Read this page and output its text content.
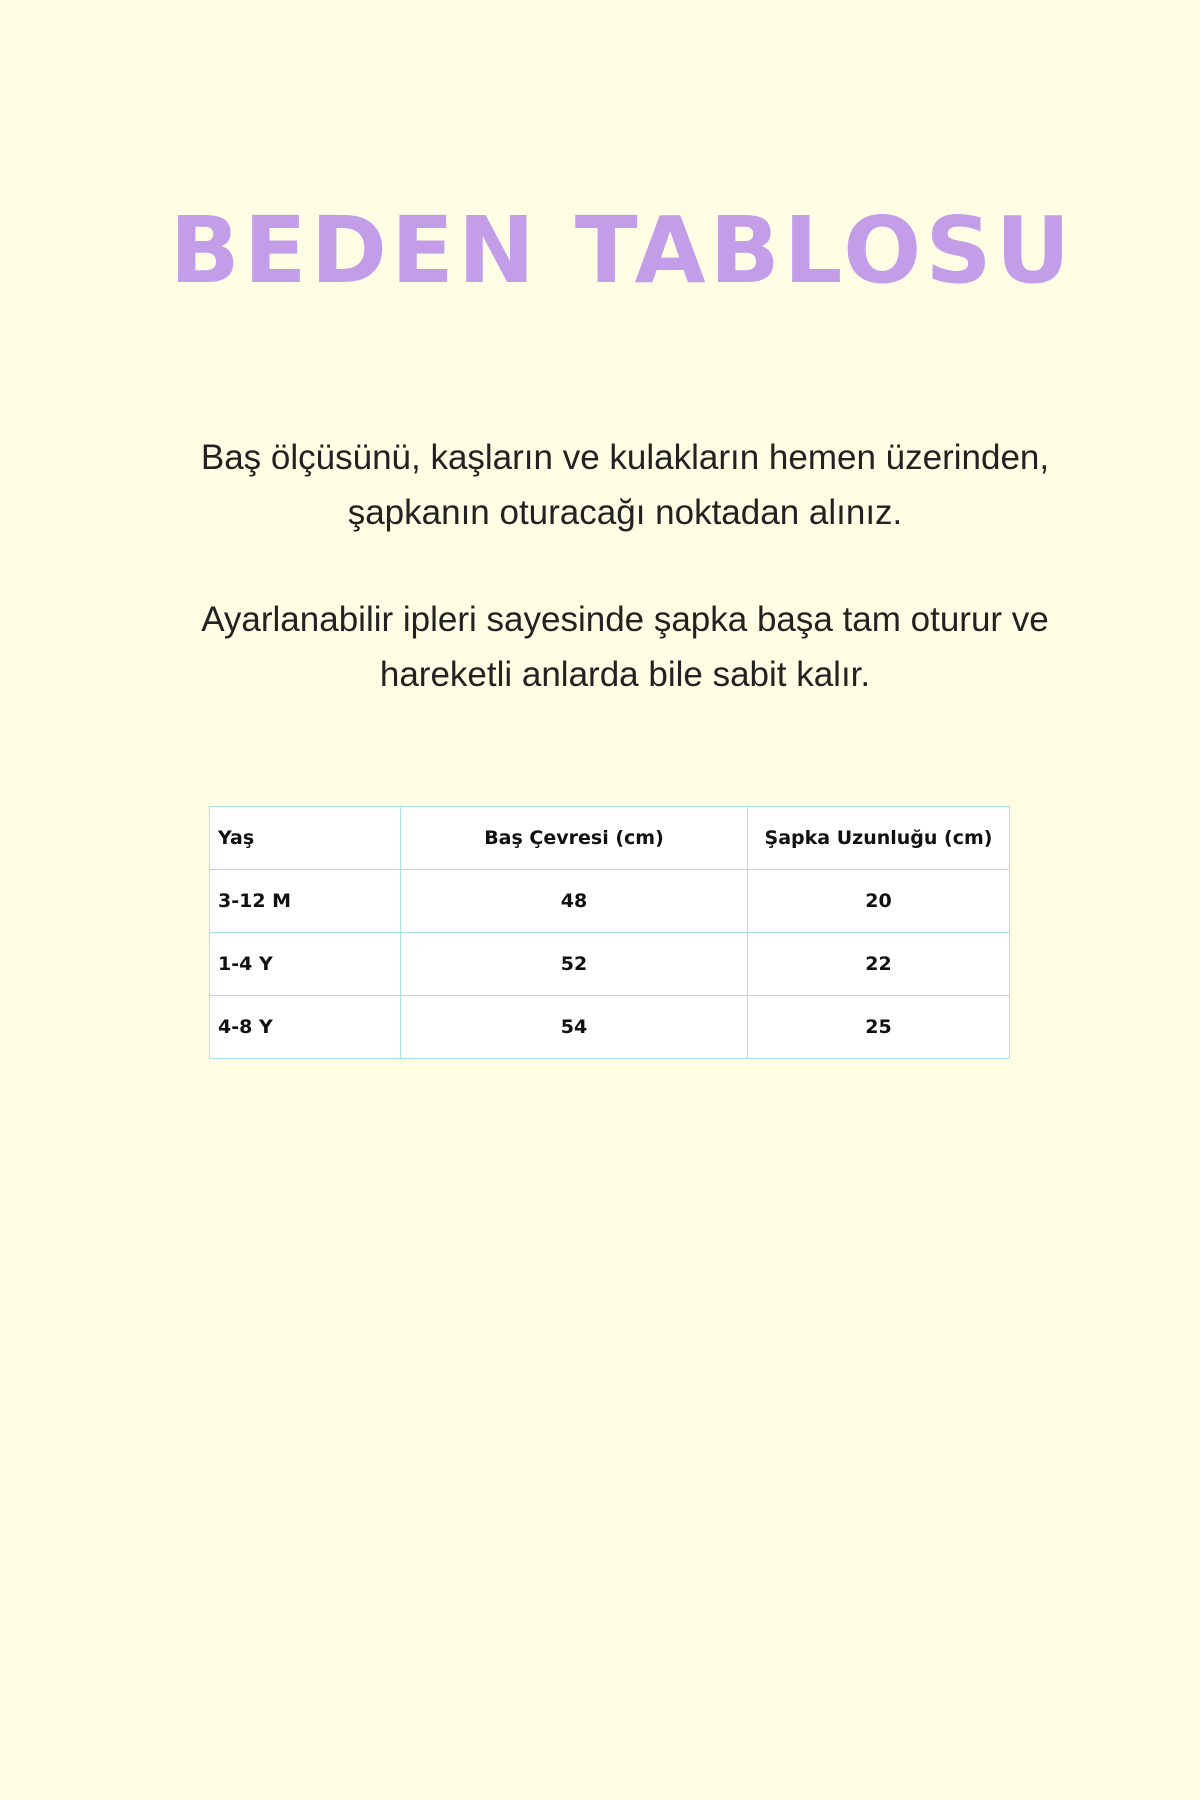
BEDEN TABLOSU

Baş ölçüsünü, kaşların ve kulakların hemen üzerinden,

şapkanın oturacağı noktadan alınız.

Ayarlanabilir ipleri sayesinde şapka başa tam oturur ve

hareketli anlarda bile sabit kalır.

Yaş	Baş Çevresi (cm)	Şapka Uzunluğu (cm)
3-12 M	48	20
1-4 Y	52	22
4-8 Y	54	25
